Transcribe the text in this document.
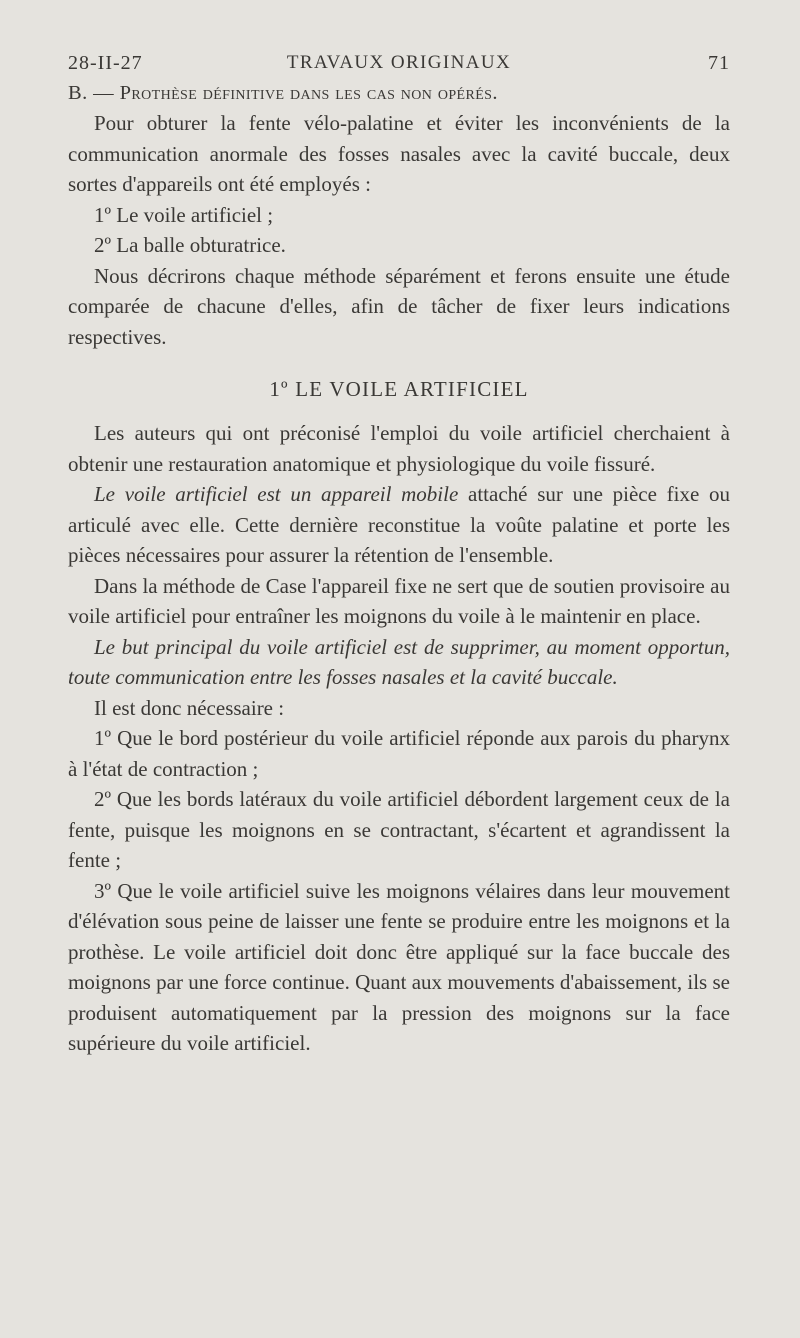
28-II-27	TRAVAUX ORIGINAUX	71
B. — Prothèse définitive dans les cas non opérés.

Pour obturer la fente vélo-palatine et éviter les inconvénients de la communication anormale des fosses nasales avec la cavité buccale, deux sortes d'appareils ont été employés :

1º Le voile artificiel ;

2º La balle obturatrice.

Nous décrirons chaque méthode séparément et ferons ensuite une étude comparée de chacune d'elles, afin de tâcher de fixer leurs indications respectives.

1º LE VOILE ARTIFICIEL

Les auteurs qui ont préconisé l'emploi du voile artificiel cherchaient à obtenir une restauration anatomique et physiologique du voile fissuré.

Le voile artificiel est un appareil mobile attaché sur une pièce fixe ou articulé avec elle. Cette dernière reconstitue la voûte palatine et porte les pièces nécessaires pour assurer la rétention de l'ensemble.

Dans la méthode de Case l'appareil fixe ne sert que de soutien provisoire au voile artificiel pour entraîner les moignons du voile à le maintenir en place.

Le but principal du voile artificiel est de supprimer, au moment opportun, toute communication entre les fosses nasales et la cavité buccale.

Il est donc nécessaire :

1º Que le bord postérieur du voile artificiel réponde aux parois du pharynx à l'état de contraction ;

2º Que les bords latéraux du voile artificiel débordent largement ceux de la fente, puisque les moignons en se contractant, s'écartent et agrandissent la fente ;

3º Que le voile artificiel suive les moignons vélaires dans leur mouvement d'élévation sous peine de laisser une fente se produire entre les moignons et la prothèse. Le voile artificiel doit donc être appliqué sur la face buccale des moignons par une force continue. Quant aux mouvements d'abaissement, ils se produisent automatiquement par la pression des moignons sur la face supérieure du voile artificiel.
